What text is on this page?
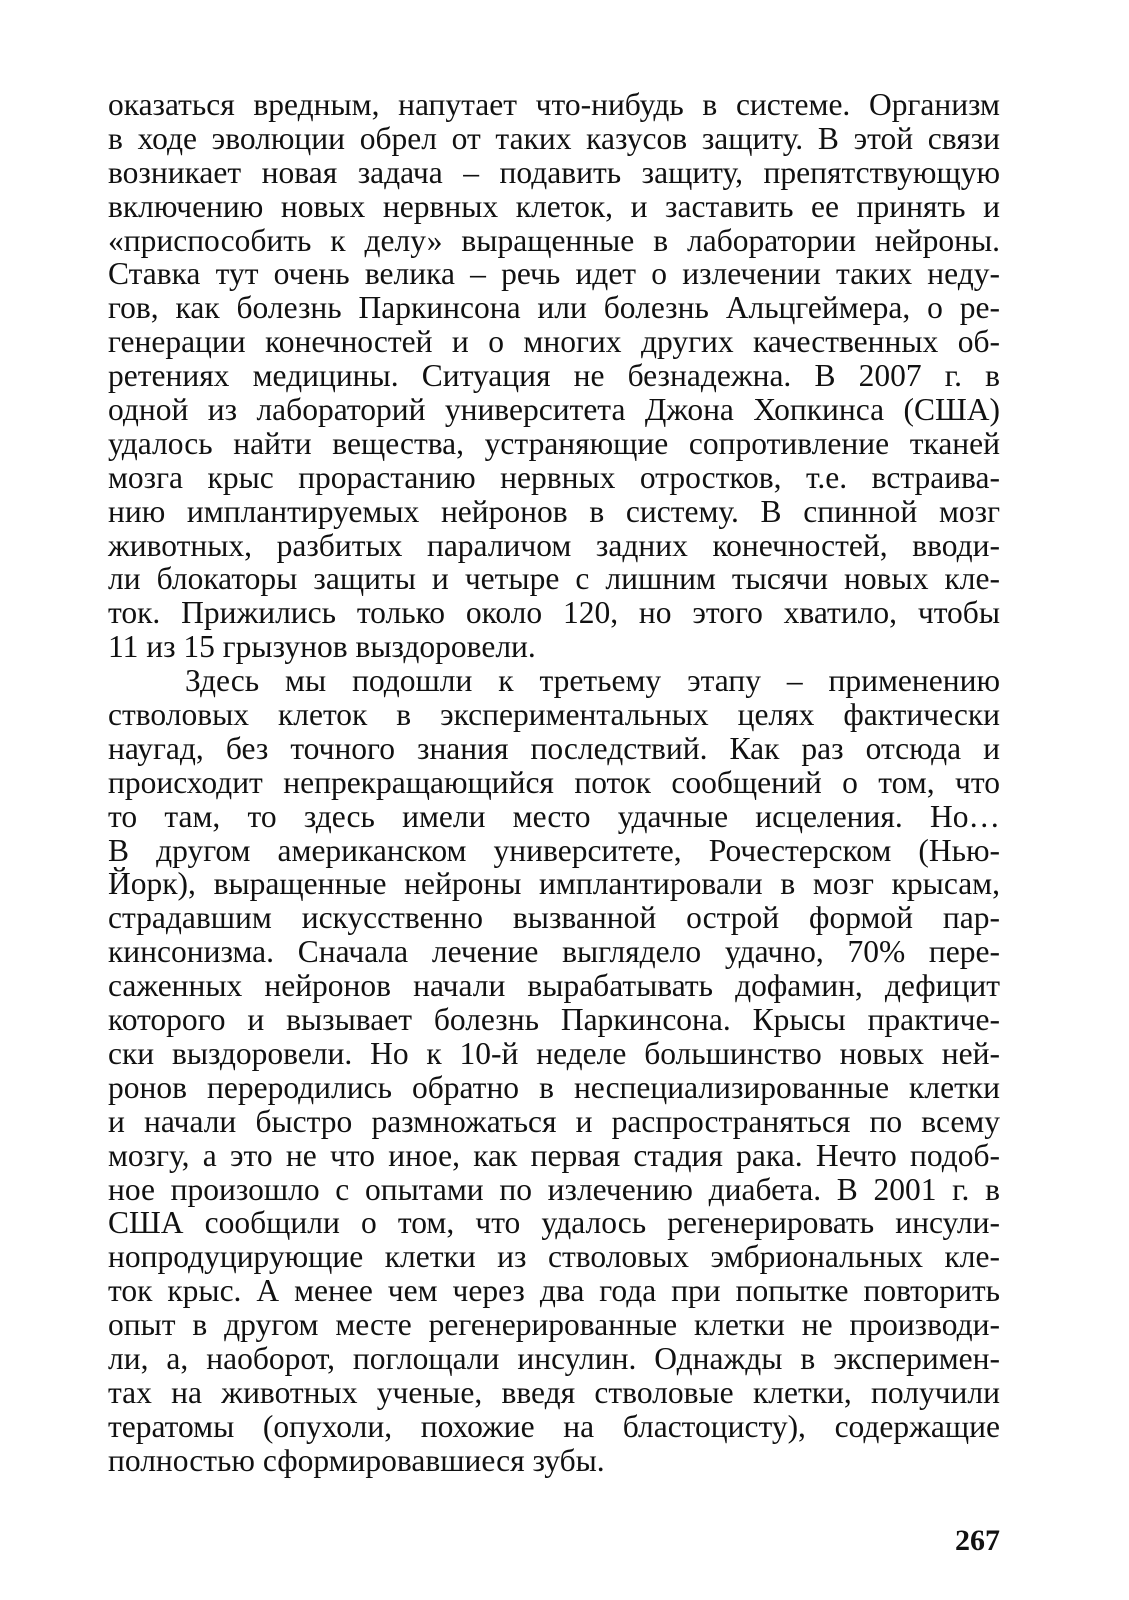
оказаться вредным, напутает что-нибудь в системе. Организм
в ходе эволюции обрел от таких казусов защиту. В этой связи
возникает новая задача – подавить защиту, препятствующую
включению новых нервных клеток, и заставить ее принять и
«приспособить к делу» выращенные в лаборатории нейроны.
Ставка тут очень велика – речь идет о излечении таких неду-
гов, как болезнь Паркинсона или болезнь Альцгеймера, о ре-
генерации конечностей и о многих других качественных об-
ретениях медицины. Ситуация не безнадежна. В 2007 г. в
одной из лабораторий университета Джона Хопкинса (США)
удалось найти вещества, устраняющие сопротивление тканей
мозга крыс прорастанию нервных отростков, т.е. встраива-
нию имплантируемых нейронов в систему. В спинной мозг
животных, разбитых параличом задних конечностей, вводи-
ли блокаторы защиты и четыре с лишним тысячи новых кле-
ток. Прижились только около 120, но этого хватило, чтобы
11 из 15 грызунов выздоровели.
Здесь мы подошли к третьему этапу – применению
стволовых клеток в экспериментальных целях фактически
наугад, без точного знания последствий. Как раз отсюда и
происходит непрекращающийся поток сообщений о том, что
то там, то здесь имели место удачные исцеления. Но…
В другом американском университете, Рочестерском (Нью-
Йорк), выращенные нейроны имплантировали в мозг крысам,
страдавшим искусственно вызванной острой формой пар-
кинсонизма. Сначала лечение выглядело удачно, 70% пере-
саженных нейронов начали вырабатывать дофамин, дефицит
которого и вызывает болезнь Паркинсона. Крысы практиче-
ски выздоровели. Но к 10-й неделе большинство новых ней-
ронов переродились обратно в неспециализированные клетки
и начали быстро размножаться и распространяться по всему
мозгу, а это не что иное, как первая стадия рака. Нечто подоб-
ное произошло с опытами по излечению диабета. В 2001 г. в
США сообщили о том, что удалось регенерировать инсули-
нопродуцирующие клетки из стволовых эмбриональных кле-
ток крыс. А менее чем через два года при попытке повторить
опыт в другом месте регенерированные клетки не производи-
ли, а, наоборот, поглощали инсулин. Однажды в эксперимен-
тах на животных ученые, введя стволовые клетки, получили
тератомы (опухоли, похожие на бластоцисту), содержащие
полностью сформировавшиеся зубы.
267
